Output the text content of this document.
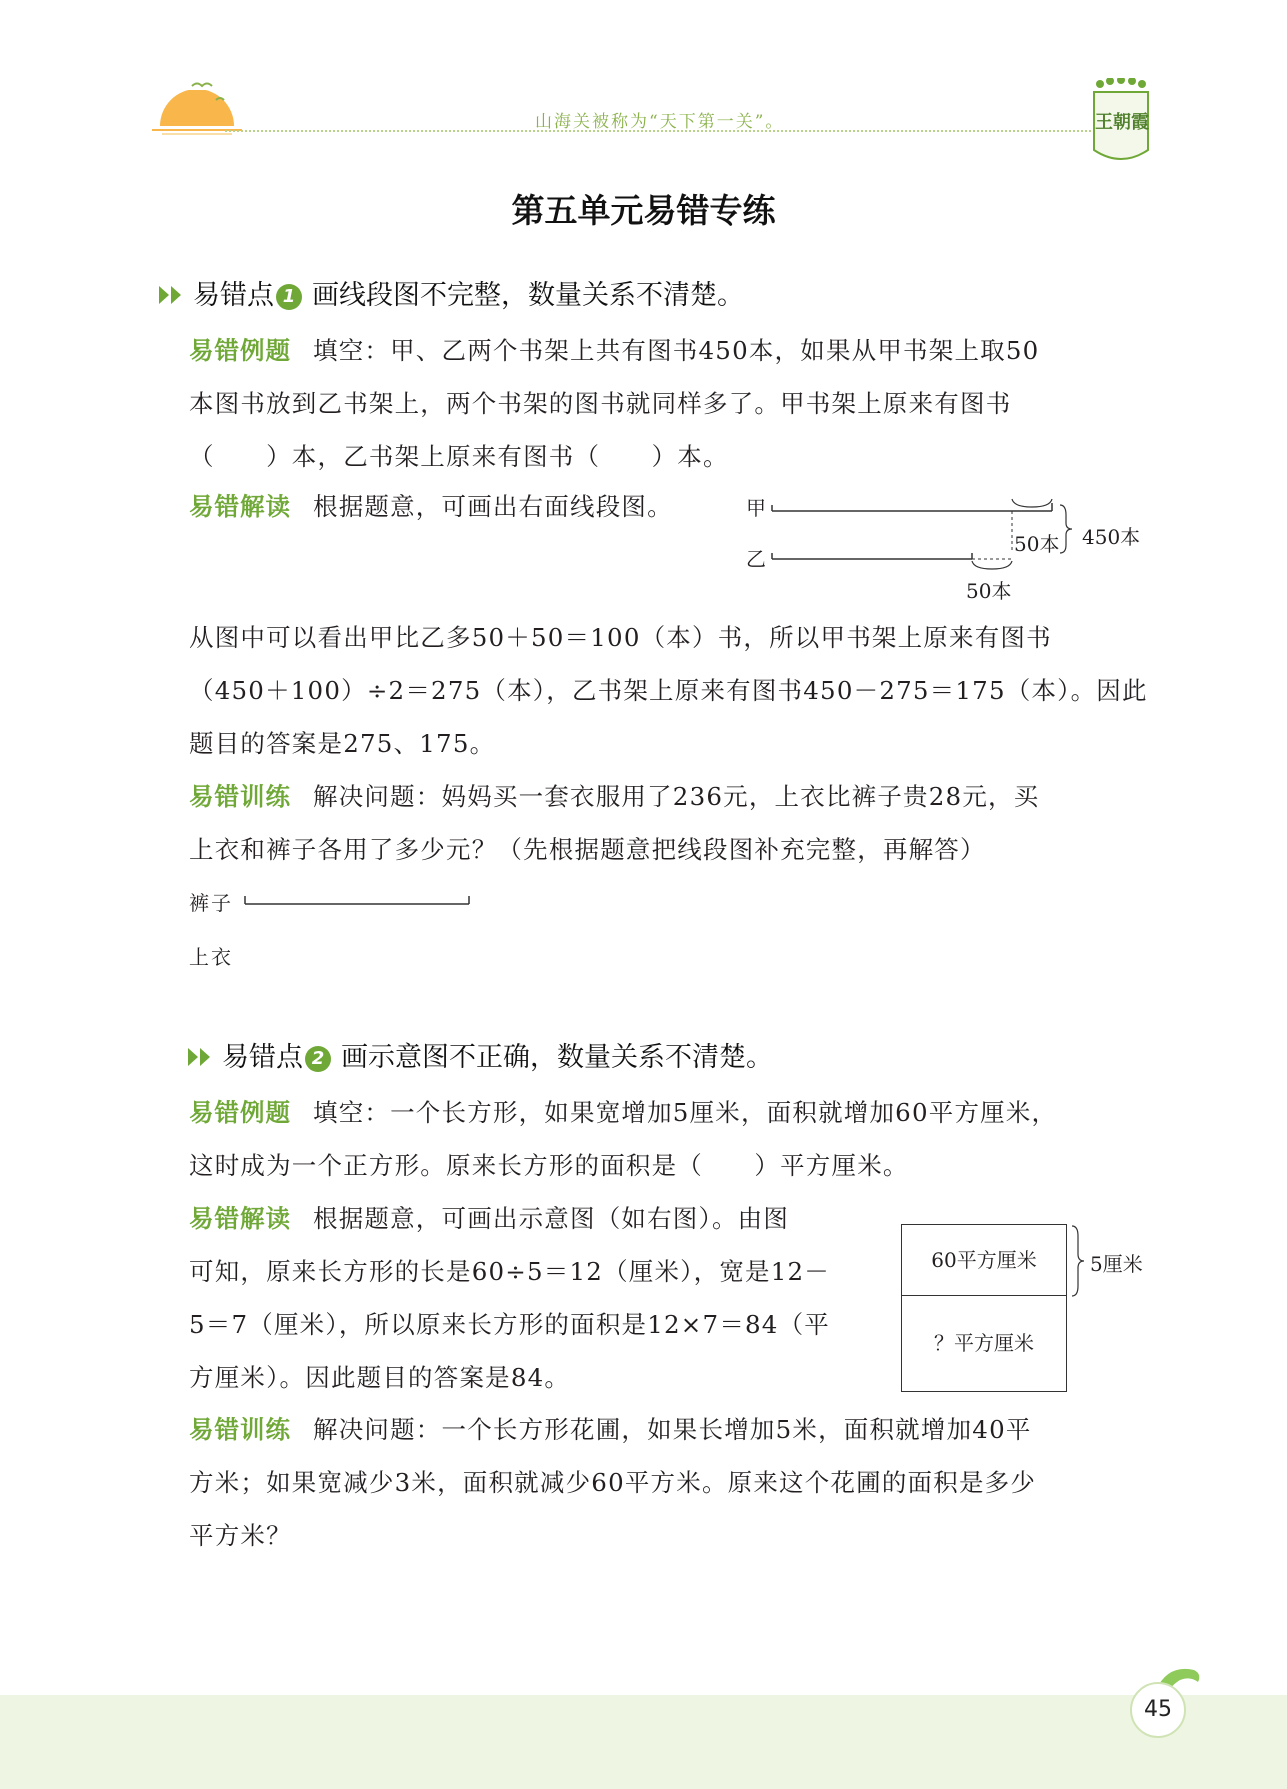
山海关被称为“天下第一关”。	王朝霞
第五单元易错专练
易错点 1 画线段图不完整，数量关系不清楚。
易错例题 填空：甲、乙两个书架上共有图书450本，如果从甲书架上取50
本图书放到乙书架上，两个书架的图书就同样多了。甲书架上原来有图书
（　　）本，乙书架上原来有图书（　　）本。
易错解读 根据题意，可画出右面线段图。	甲
乙
50本 450本
50本
从图中可以看出甲比乙多50＋50＝100（本）书，所以甲书架上原来有图书
（450＋100）÷2＝275（本），乙书架上原来有图书450－275＝175（本）。因此
题目的答案是275、175。
易错训练 解决问题：妈妈买一套衣服用了236元，上衣比裤子贵28元，买
上衣和裤子各用了多少元？（先根据题意把线段图补充完整，再解答）
裤子
上衣
易错点 2 画示意图不正确，数量关系不清楚。
易错例题 填空：一个长方形，如果宽增加5厘米，面积就增加60平方厘米，
这时成为一个正方形。原来长方形的面积是（　　）平方厘米。
易错解读 根据题意，可画出示意图（如右图）。由图
可知，原来长方形的长是60÷5＝12（厘米），宽是12－
5＝7（厘米），所以原来长方形的面积是12×7＝84（平
方厘米）。因此题目的答案是84。
60平方厘米
？平方厘米
5厘米
易错训练 解决问题：一个长方形花圃，如果长增加5米，面积就增加40平
方米；如果宽减少3米，面积就减少60平方米。原来这个花圃的面积是多少
平方米？
45
